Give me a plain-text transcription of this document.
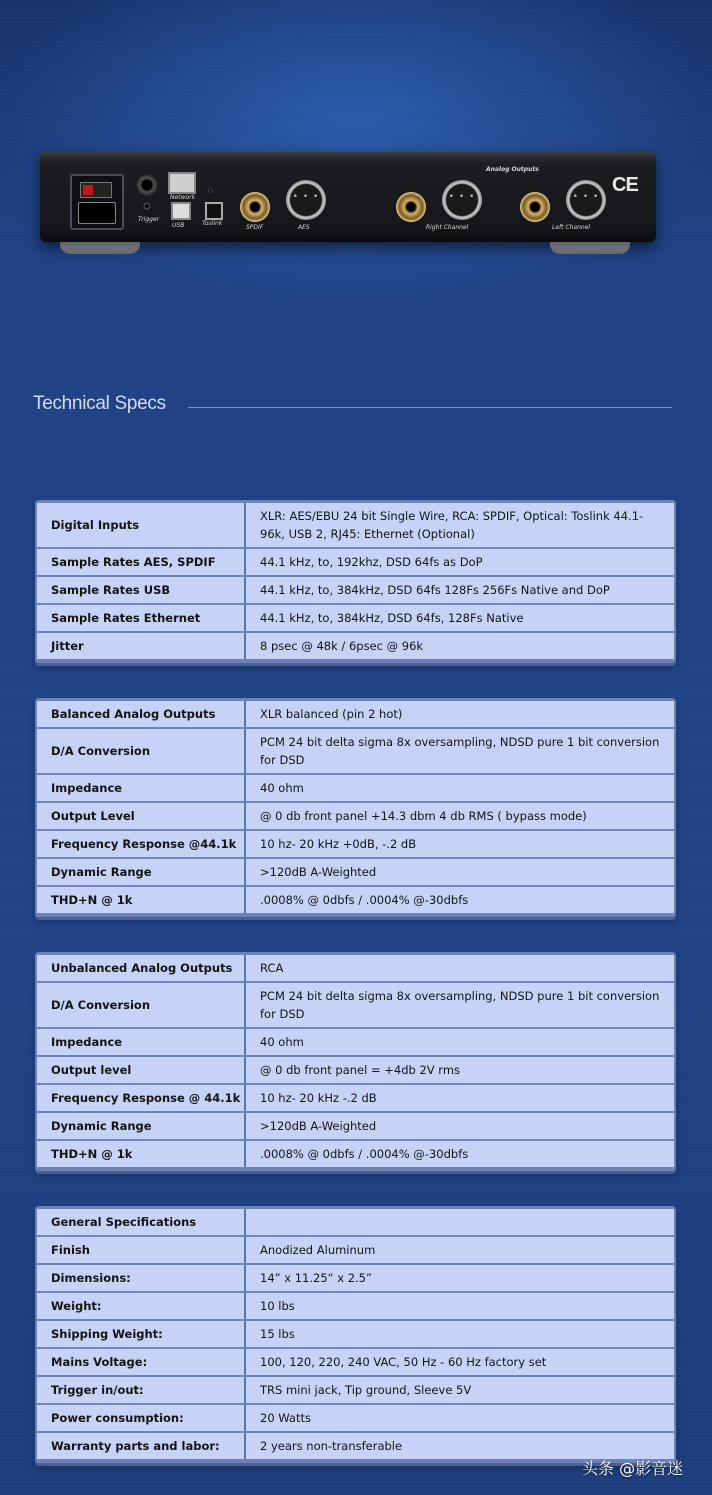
Trigger
Network
USB	Toslink
SPDIF
• • •	AES
Analog Outputs
• • •
Right Channel
• • •	Left Channel
CE
Technical Specs
Digital Inputs	XLR: AES/EBU 24 bit Single Wire, RCA: SPDIF, Optical: Toslink 44.1-96k, USB 2, RJ45: Ethernet (Optional)
Sample Rates AES, SPDIF	44.1 kHz, to, 192khz, DSD 64fs as DoP
Sample Rates USB	44.1 kHz, to, 384kHz, DSD 64fs 128Fs 256Fs Native and DoP
Sample Rates Ethernet	44.1 kHz, to, 384kHz, DSD 64fs, 128Fs Native
Jitter	8 psec @ 48k / 6psec @ 96k
Balanced Analog Outputs	XLR balanced (pin 2 hot)
D/A Conversion	PCM 24 bit delta sigma 8x oversampling, NDSD pure 1 bit conversion for DSD
Impedance	40 ohm
Output Level	@ 0 db front panel +14.3 dbm 4 db RMS ( bypass mode)
Frequency Response @44.1k	10 hz- 20 kHz +0dB, -.2 dB
Dynamic Range	>120dB A-Weighted
THD+N @ 1k	.0008% @ 0dbfs / .0004% @-30dbfs
Unbalanced Analog Outputs	RCA
D/A Conversion	PCM 24 bit delta sigma 8x oversampling, NDSD pure 1 bit conversion for DSD
Impedance	40 ohm
Output level	@ 0 db front panel = +4db 2V rms
Frequency Response @ 44.1k	10 hz- 20 kHz -.2 dB
Dynamic Range	>120dB A-Weighted
THD+N @ 1k	.0008% @ 0dbfs / .0004% @-30dbfs
General Specifications	
Finish	Anodized Aluminum
Dimensions:	14” x 11.25“ x 2.5”
Weight:	10 lbs
Shipping Weight:	15 lbs
Mains Voltage:	100, 120, 220, 240 VAC, 50 Hz - 60 Hz factory set
Trigger in/out:	TRS mini jack, Tip ground, Sleeve 5V
Power consumption:	20 Watts
Warranty parts and labor:	2 years non-transferable
头条 @影音迷
